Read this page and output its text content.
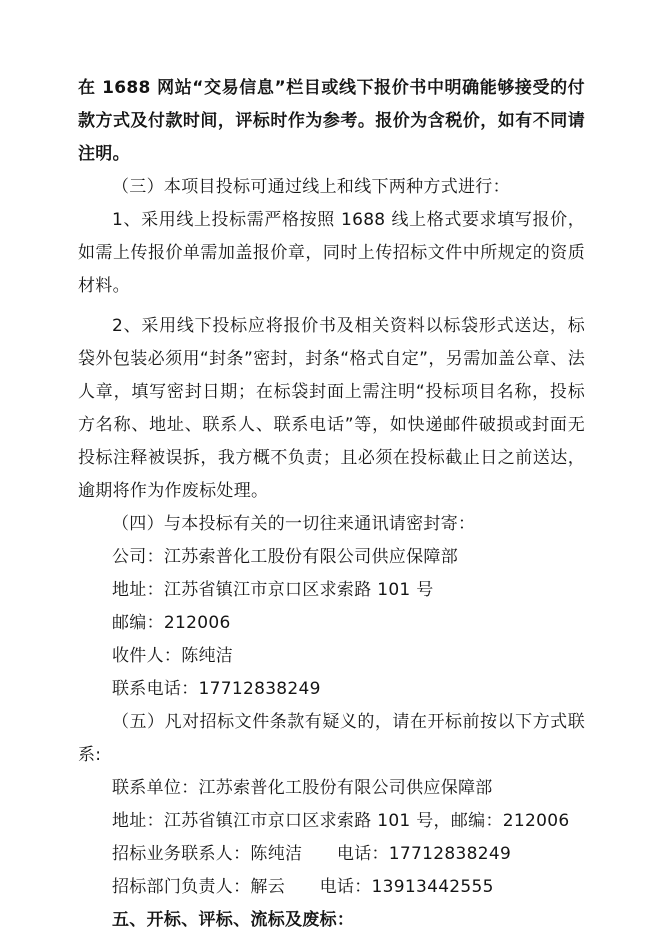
在 1688 网站“交易信息”栏目或线下报价书中明确能够接受的付款方式及付款时间，评标时作为参考。报价为含税价，如有不同请注明。

（三）本项目投标可通过线上和线下两种方式进行：

1、采用线上投标需严格按照 1688 线上格式要求填写报价，如需上传报价单需加盖报价章，同时上传招标文件中所规定的资质材料。

2、采用线下投标应将报价书及相关资料以标袋形式送达，标袋外包装必须用“封条”密封，封条“格式自定”，另需加盖公章、法人章，填写密封日期；在标袋封面上需注明“投标项目名称，投标方名称、地址、联系人、联系电话”等，如快递邮件破损或封面无投标注释被误拆，我方概不负责；且必须在投标截止日之前送达，逾期将作为作废标处理。

（四）与本投标有关的一切往来通讯请密封寄：

公司：江苏索普化工股份有限公司供应保障部

地址：江苏省镇江市京口区求索路 101 号

邮编：212006

收件人：陈纯洁

联系电话：17712838249

（五）凡对招标文件条款有疑义的，请在开标前按以下方式联系:

联系单位：江苏索普化工股份有限公司供应保障部

地址：江苏省镇江市京口区求索路 101 号，邮编：212006

招标业务联系人：陈纯洁　　电话：17712838249

招标部门负责人：解云　　电话：13913442555

五、开标、评标、流标及废标：
